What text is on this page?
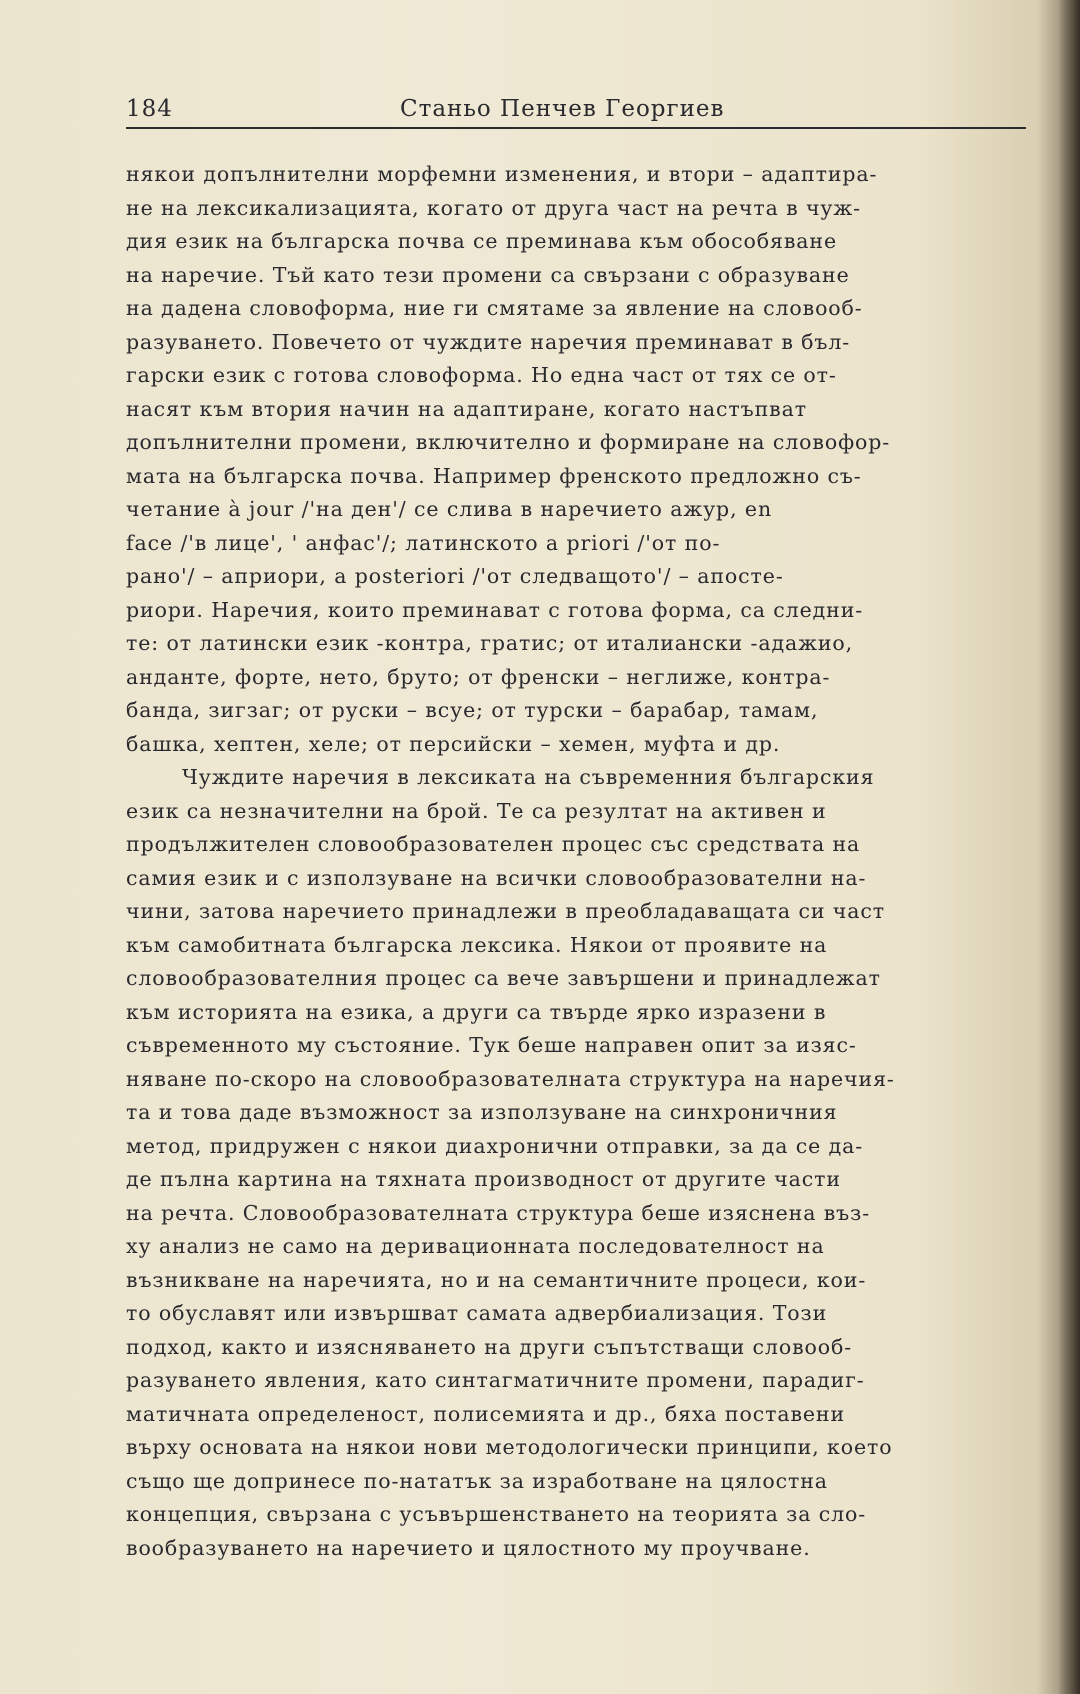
184	Станьо Пенчев Георгиев
някои допълнителни морфемни изменения, и втори – адаптира-
не на лексикализацията, когато от друга част на речта в чуж-
дия език на българска почва се преминава към обособяване
на наречие. Тъй като тези промени са свързани с образуване
на дадена словоформа, ние ги смятаме за явление на словооб-
разуването. Повечето от чуждите наречия преминават в бъл-
гарски език с готова словоформа. Но една част от тях се от-
насят към втория начин на адаптиране, когато настъпват
допълнителни промени, включително и формиране на словофор-
мата на българска почва. Например френското предложно съ-
четание à jour /'на ден'/ се слива в наречието ажур, en
face /'в лице', ' анфас'/; латинското a priori /'от по-
рано'/ – априори, а posteriori /'от следващото'/ – апосте-
риори. Наречия, които преминават с готова форма, са следни-
те: от латински език -контра, гратис; от италиански -адажио,
анданте, форте, нето, бруто; от френски – неглиже, контра-
банда, зигзаг; от руски – всуе; от турски – барабар, тамам,
башка, хептен, хеле; от персийски – хемен, муфта и др.
Чуждите наречия в лексиката на съвременния българския
език са незначителни на брой. Те са резултат на активен и
продължителен словообразователен процес със средствата на
самия език и с използуване на всички словообразователни на-
чини, затова наречието принадлежи в преобладаващата си част
към самобитната българска лексика. Някои от проявите на
словообразователния процес са вече завършени и принадлежат
към историята на езика, а други са твърде ярко изразени в
съвременното му състояние. Тук беше направен опит за изяс-
няване по-скоро на словообразователната структура на наречия-
та и това даде възможност за използуване на синхроничния
метод, придружен с някои диахронични отправки, за да се да-
де пълна картина на тяхната производност от другите части
на речта. Словообразователната структура беше изяснена въз-
ху анализ не само на деривационната последователност на
възникване на наречията, но и на семантичните процеси, кои-
то обуславят или извършват самата адвербиализация. Този
подход, както и изясняването на други съпътстващи словооб-
разуването явления, като синтагматичните промени, парадиг-
матичната определеност, полисемията и др., бяха поставени
върху основата на някои нови методологически принципи, което
също ще допринесе по-нататък за изработване на цялостна
концепция, свързана с усъвършенстването на теорията за сло-
вообразуването на наречието и цялостното му проучване.
